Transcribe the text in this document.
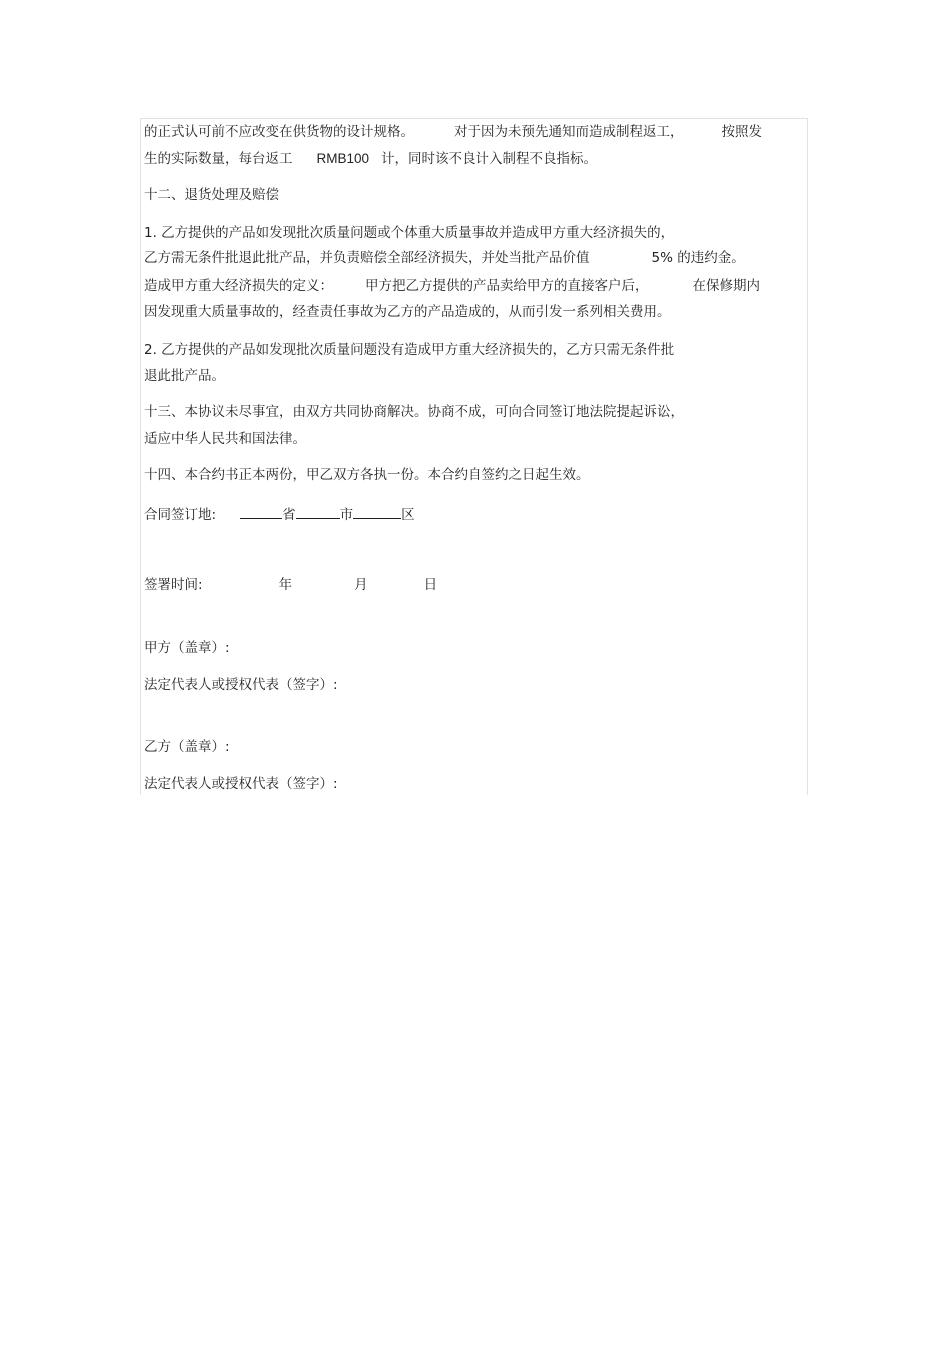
的正式认可前不应改变在供货物的设计规格。	对于因为未预先通知而造成制程返工，	按照发
生的实际数量，每台返工 RMB100 计，同时该不良计入制程不良指标。
十二、退货处理及赔偿
1. 乙方提供的产品如发现批次质量问题或个体重大质量事故并造成甲方重大经济损失的，
乙方需无条件批退此批产品，并负责赔偿全部经济损失，并处当批产品价值	5% 的违约金。
造成甲方重大经济损失的定义： 甲方把乙方提供的产品卖给甲方的直接客户后，	在保修期内
因发现重大质量事故的，经查责任事故为乙方的产品造成的，从而引发一系列相关费用。
2. 乙方提供的产品如发现批次质量问题没有造成甲方重大经济损失的，乙方只需无条件批
退此批产品。
十三、本协议未尽事宜，由双方共同协商解决。协商不成，可向合同签订地法院提起诉讼，
适应中华人民共和国法律。
十四、本合约书正本两份，甲乙双方各执一份。本合约自签约之日起生效。
合同签订地:	省	市	区
签署时间:	年	月	日
甲方（盖章）:
法定代表人或授权代表（签字）:
乙方（盖章）:
法定代表人或授权代表（签字）:
